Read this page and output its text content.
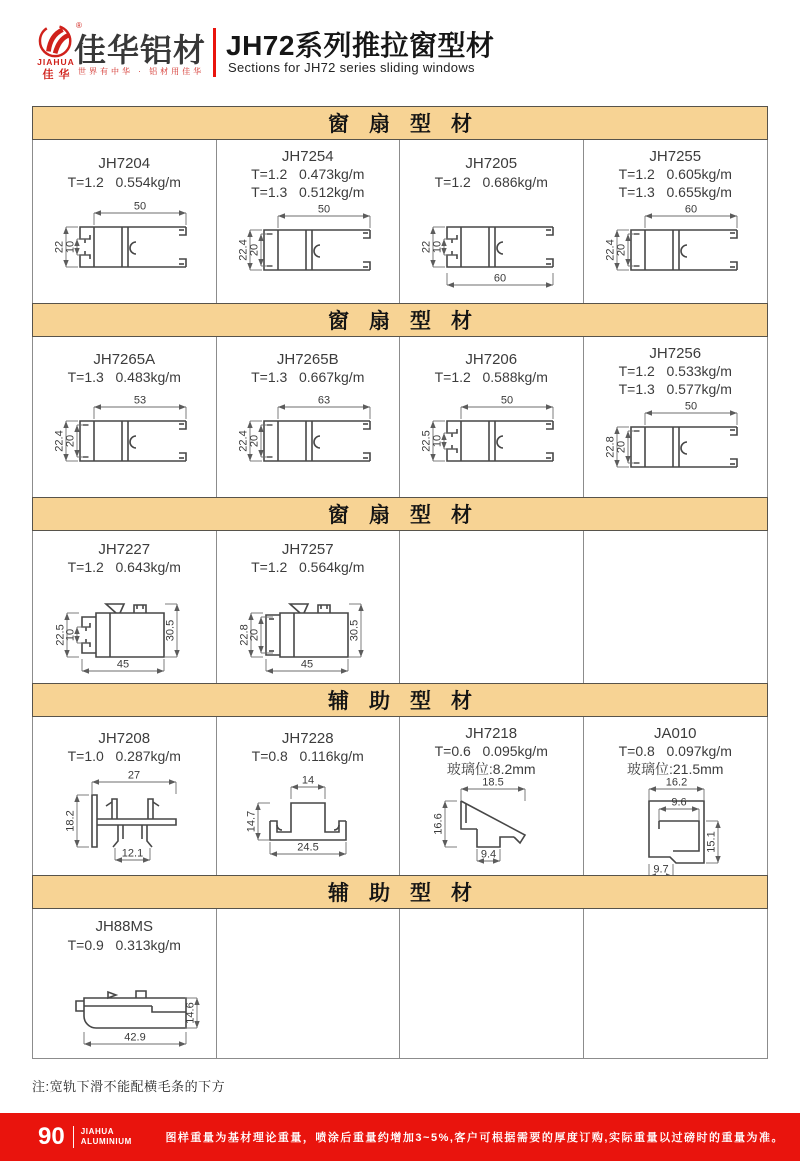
®
JIAHUA
佳华
佳华铝材
世界有中华 · 铝材用佳华
JH72系列推拉窗型材
Sections for JH72 series sliding windows
窗扇型材
JH7204
T=1.2   0.554kg/m
50
22 10
JH7254
T=1.2   0.473kg/m
T=1.3   0.512kg/m
50
22.4 20
JH7205
T=1.2   0.686kg/m
22 10
60
JH7255
T=1.2   0.605kg/m
T=1.3   0.655kg/m
60
22.4 20
窗扇型材
JH7265A
T=1.3   0.483kg/m
53
22.4 20
JH7265B
T=1.3   0.667kg/m
63
22.4 20
JH7206
T=1.2   0.588kg/m
50
22.5 10
JH7256
T=1.2   0.533kg/m
T=1.3   0.577kg/m
50
22.8 20
窗扇型材
JH7227
T=1.2   0.643kg/m
22.5
10	30.5
45
JH7257
T=1.2   0.564kg/m
22.8
20	30.5
45
辅助型材
JH7208
T=1.0   0.287kg/m
27
18.2
12.1
JH7228
T=0.8   0.116kg/m
14
14.7
24.5
JH7218
T=0.6   0.095kg/m
玻璃位:8.2mm
18.5
16.6
9.4
JA010
T=0.8   0.097kg/m
玻璃位:21.5mm
16.2
9.6
15.1
9.7
辅助型材
JH88MS
T=0.9   0.313kg/m
14.6
42.9
注:宽轨下滑不能配横毛条的下方
90 JIAHUA
ALUMINIUM	图样重量为基材理论重量，喷涂后重量约增加3~5%,客户可根据需要的厚度订购,实际重量以过磅时的重量为准。
